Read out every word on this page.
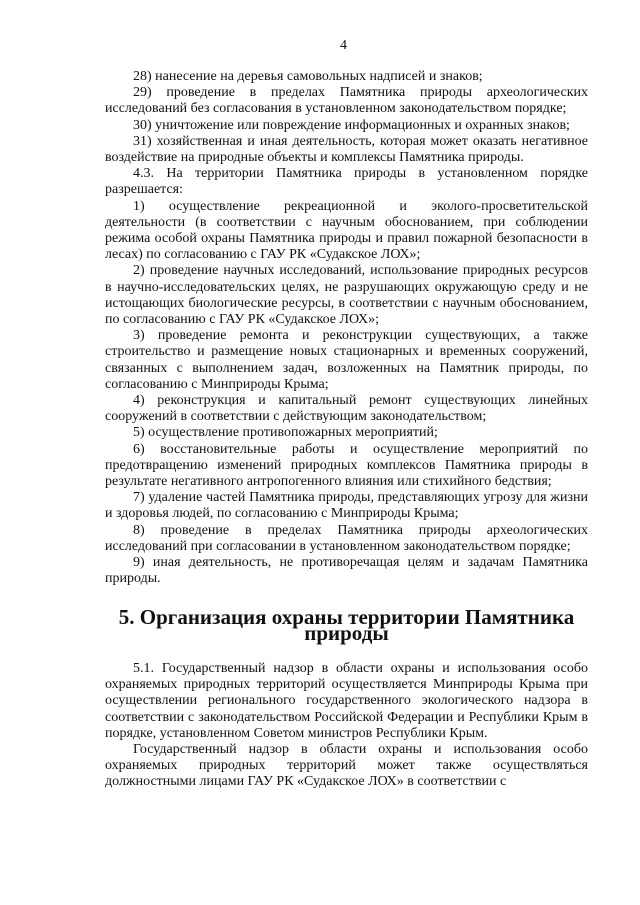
4

28) нанесение на деревья самовольных надписей и знаков;

29) проведение в пределах Памятника природы археологических исследований без согласования в установленном законодательством порядке;

30) уничтожение или повреждение информационных и охранных знаков;

31) хозяйственная и иная деятельность, которая может оказать негативное воздействие на природные объекты и комплексы Памятника природы.

4.3. На территории Памятника природы в установленном порядке разрешается:

1) осуществление рекреационной и эколого-просветительской деятельности (в соответствии с научным обоснованием, при соблюдении режима особой охраны Памятника природы и правил пожарной безопасности в лесах) по согласованию с ГАУ РК «Судакское ЛОХ»;

2) проведение научных исследований, использование природных ресурсов в научно-исследовательских целях, не разрушающих окружающую среду и не истощающих биологические ресурсы, в соответствии с научным обоснованием, по согласованию с ГАУ РК «Судакское ЛОХ»;

3) проведение ремонта и реконструкции существующих, а также строительство и размещение новых стационарных и временных сооружений, связанных с выполнением задач, возложенных на Памятник природы, по согласованию с Минприроды Крыма;

4) реконструкция и капитальный ремонт существующих линейных сооружений в соответствии с действующим законодательством;

5) осуществление противопожарных мероприятий;

6) восстановительные работы и осуществление мероприятий по предотвращению изменений природных комплексов Памятника природы в результате негативного антропогенного влияния или стихийного бедствия;

7) удаление частей Памятника природы, представляющих угрозу для жизни и здоровья людей, по согласованию с Минприроды Крыма;

8) проведение в пределах Памятника природы археологических исследований при согласовании в установленном законодательством порядке;

9) иная деятельность, не противоречащая целям и задачам Памятника природы.

5. Организация охраны территории Памятника природы

5.1. Государственный надзор в области охраны и использования особо охраняемых природных территорий осуществляется Минприроды Крыма при осуществлении регионального государственного экологического надзора в соответствии с законодательством Российской Федерации и Республики Крым в порядке, установленном Советом министров Республики Крым.

Государственный надзор в области охраны и использования особо охраняемых природных территорий может также осуществляться должностными лицами ГАУ РК «Судакское ЛОХ» в соответствии с
